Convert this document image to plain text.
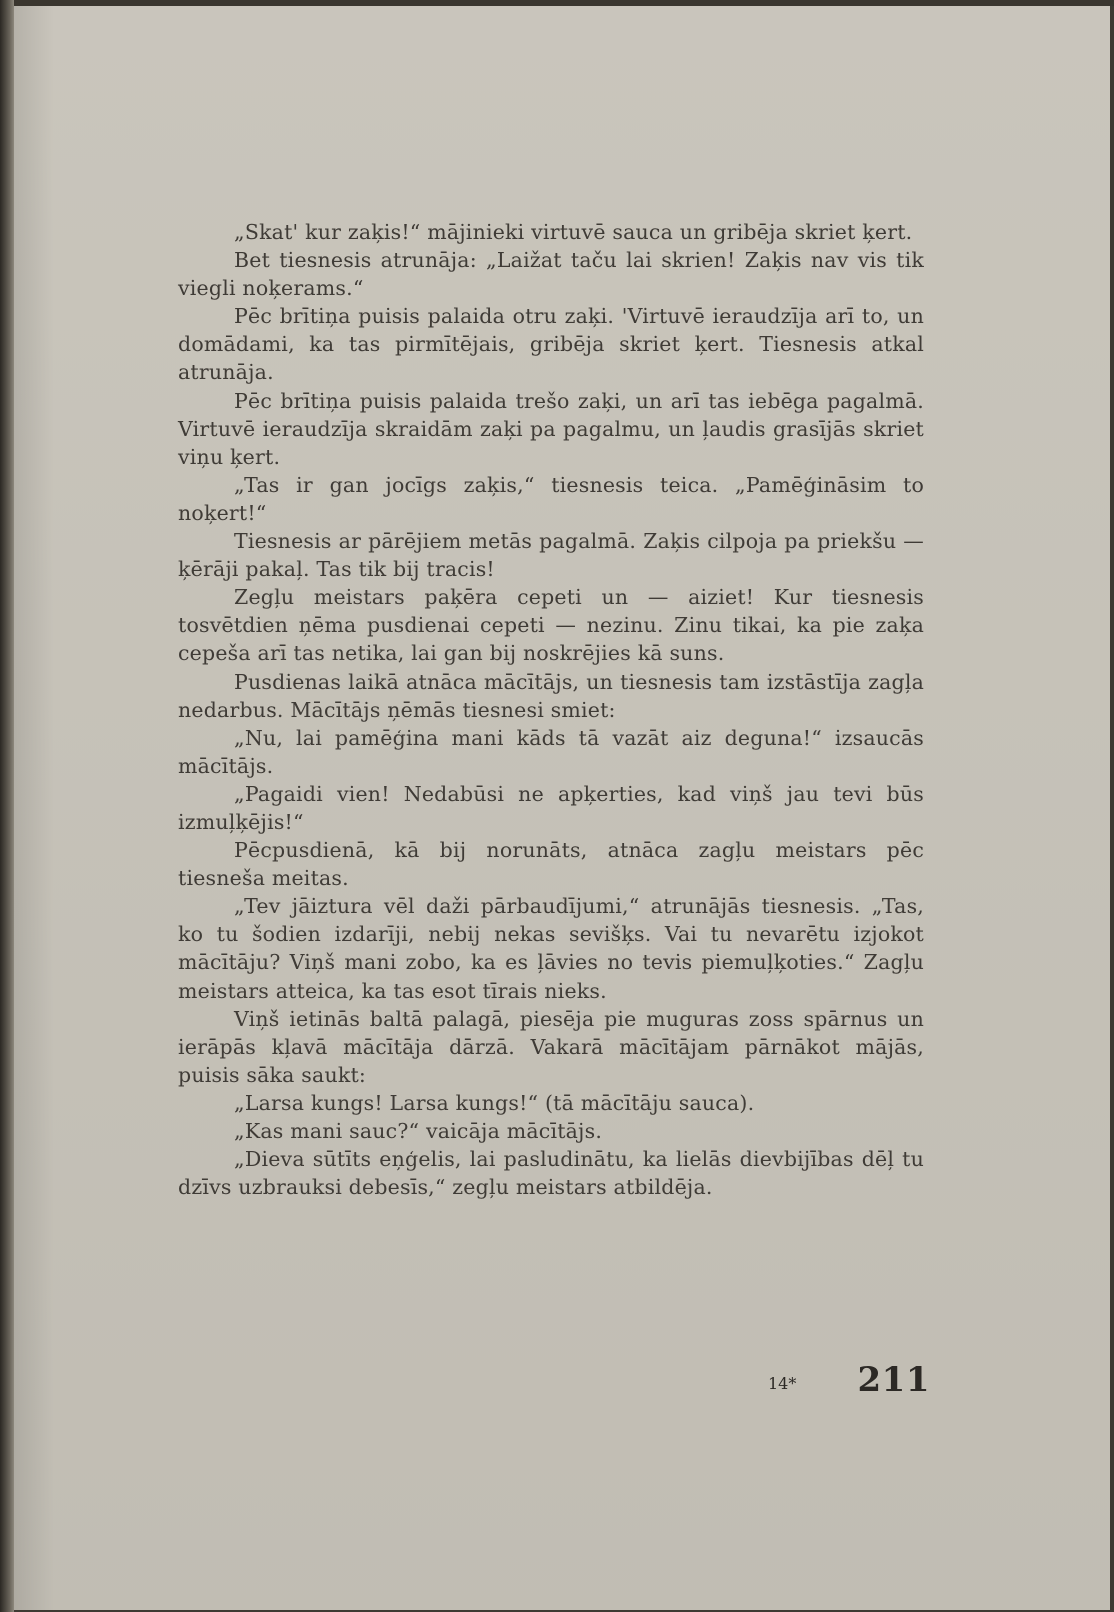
„Skat' kur zaķis!“ mājinieki virtuvē sauca un gribēja skriet ķert.

Bet tiesnesis atrunāja: „Laižat taču lai skrien! Zaķis nav vis tik viegli noķerams.“

Pēc brītiņa puisis palaida otru zaķi. 'Virtuvē ieraudzīja arī to, un domādami, ka tas pirmītējais, gribēja skriet ķert. Tiesnesis atkal atrunāja.

Pēc brītiņa puisis palaida trešo zaķi, un arī tas iebēga pagalmā. Virtuvē ieraudzīja skraidām zaķi pa pagalmu, un ļaudis grasījās skriet viņu ķert.

„Tas ir gan jocīgs zaķis,“ tiesnesis teica. „Pamēģināsim to noķert!“

Tiesnesis ar pārējiem metās pagalmā. Zaķis cilpoja pa priekšu — ķērāji pakaļ. Tas tik bij tracis!

Zegļu meistars paķēra cepeti un — aiziet! Kur tiesnesis tosvētdien ņēma pusdienai cepeti — nezinu. Zinu tikai, ka pie zaķa cepeša arī tas netika, lai gan bij noskrējies kā suns.

Pusdienas laikā atnāca mācītājs, un tiesnesis tam izstāstīja zagļa nedarbus. Mācītājs ņēmās tiesnesi smiet:

„Nu, lai pamēģina mani kāds tā vazāt aiz deguna!“ izsaucās mācītājs.

„Pagaidi vien! Nedabūsi ne apķerties, kad viņš jau tevi būs izmuļķējis!“

Pēcpusdienā, kā bij norunāts, atnāca zagļu meistars pēc tiesneša meitas.

„Tev jāiztura vēl daži pārbaudījumi,“ atrunājās tiesnesis. „Tas, ko tu šodien izdarīji, nebij nekas sevišķs. Vai tu nevarētu izjokot mācītāju? Viņš mani zobo, ka es ļāvies no tevis piemuļķoties.“ Zagļu meistars atteica, ka tas esot tīrais nieks.

Viņš ietinās baltā palagā, piesēja pie muguras zoss spārnus un ierāpās kļavā mācītāja dārzā. Vakarā mācītājam pārnākot mājās, puisis sāka saukt:

„Larsa kungs! Larsa kungs!“ (tā mācītāju sauca).

„Kas mani sauc?“ vaicāja mācītājs.

„Dieva sūtīts eņģelis, lai pasludinātu, ka lielās dievbijības dēļ tu dzīvs uzbrauksi debesīs,“ zegļu meistars atbildēja.

14* 211
